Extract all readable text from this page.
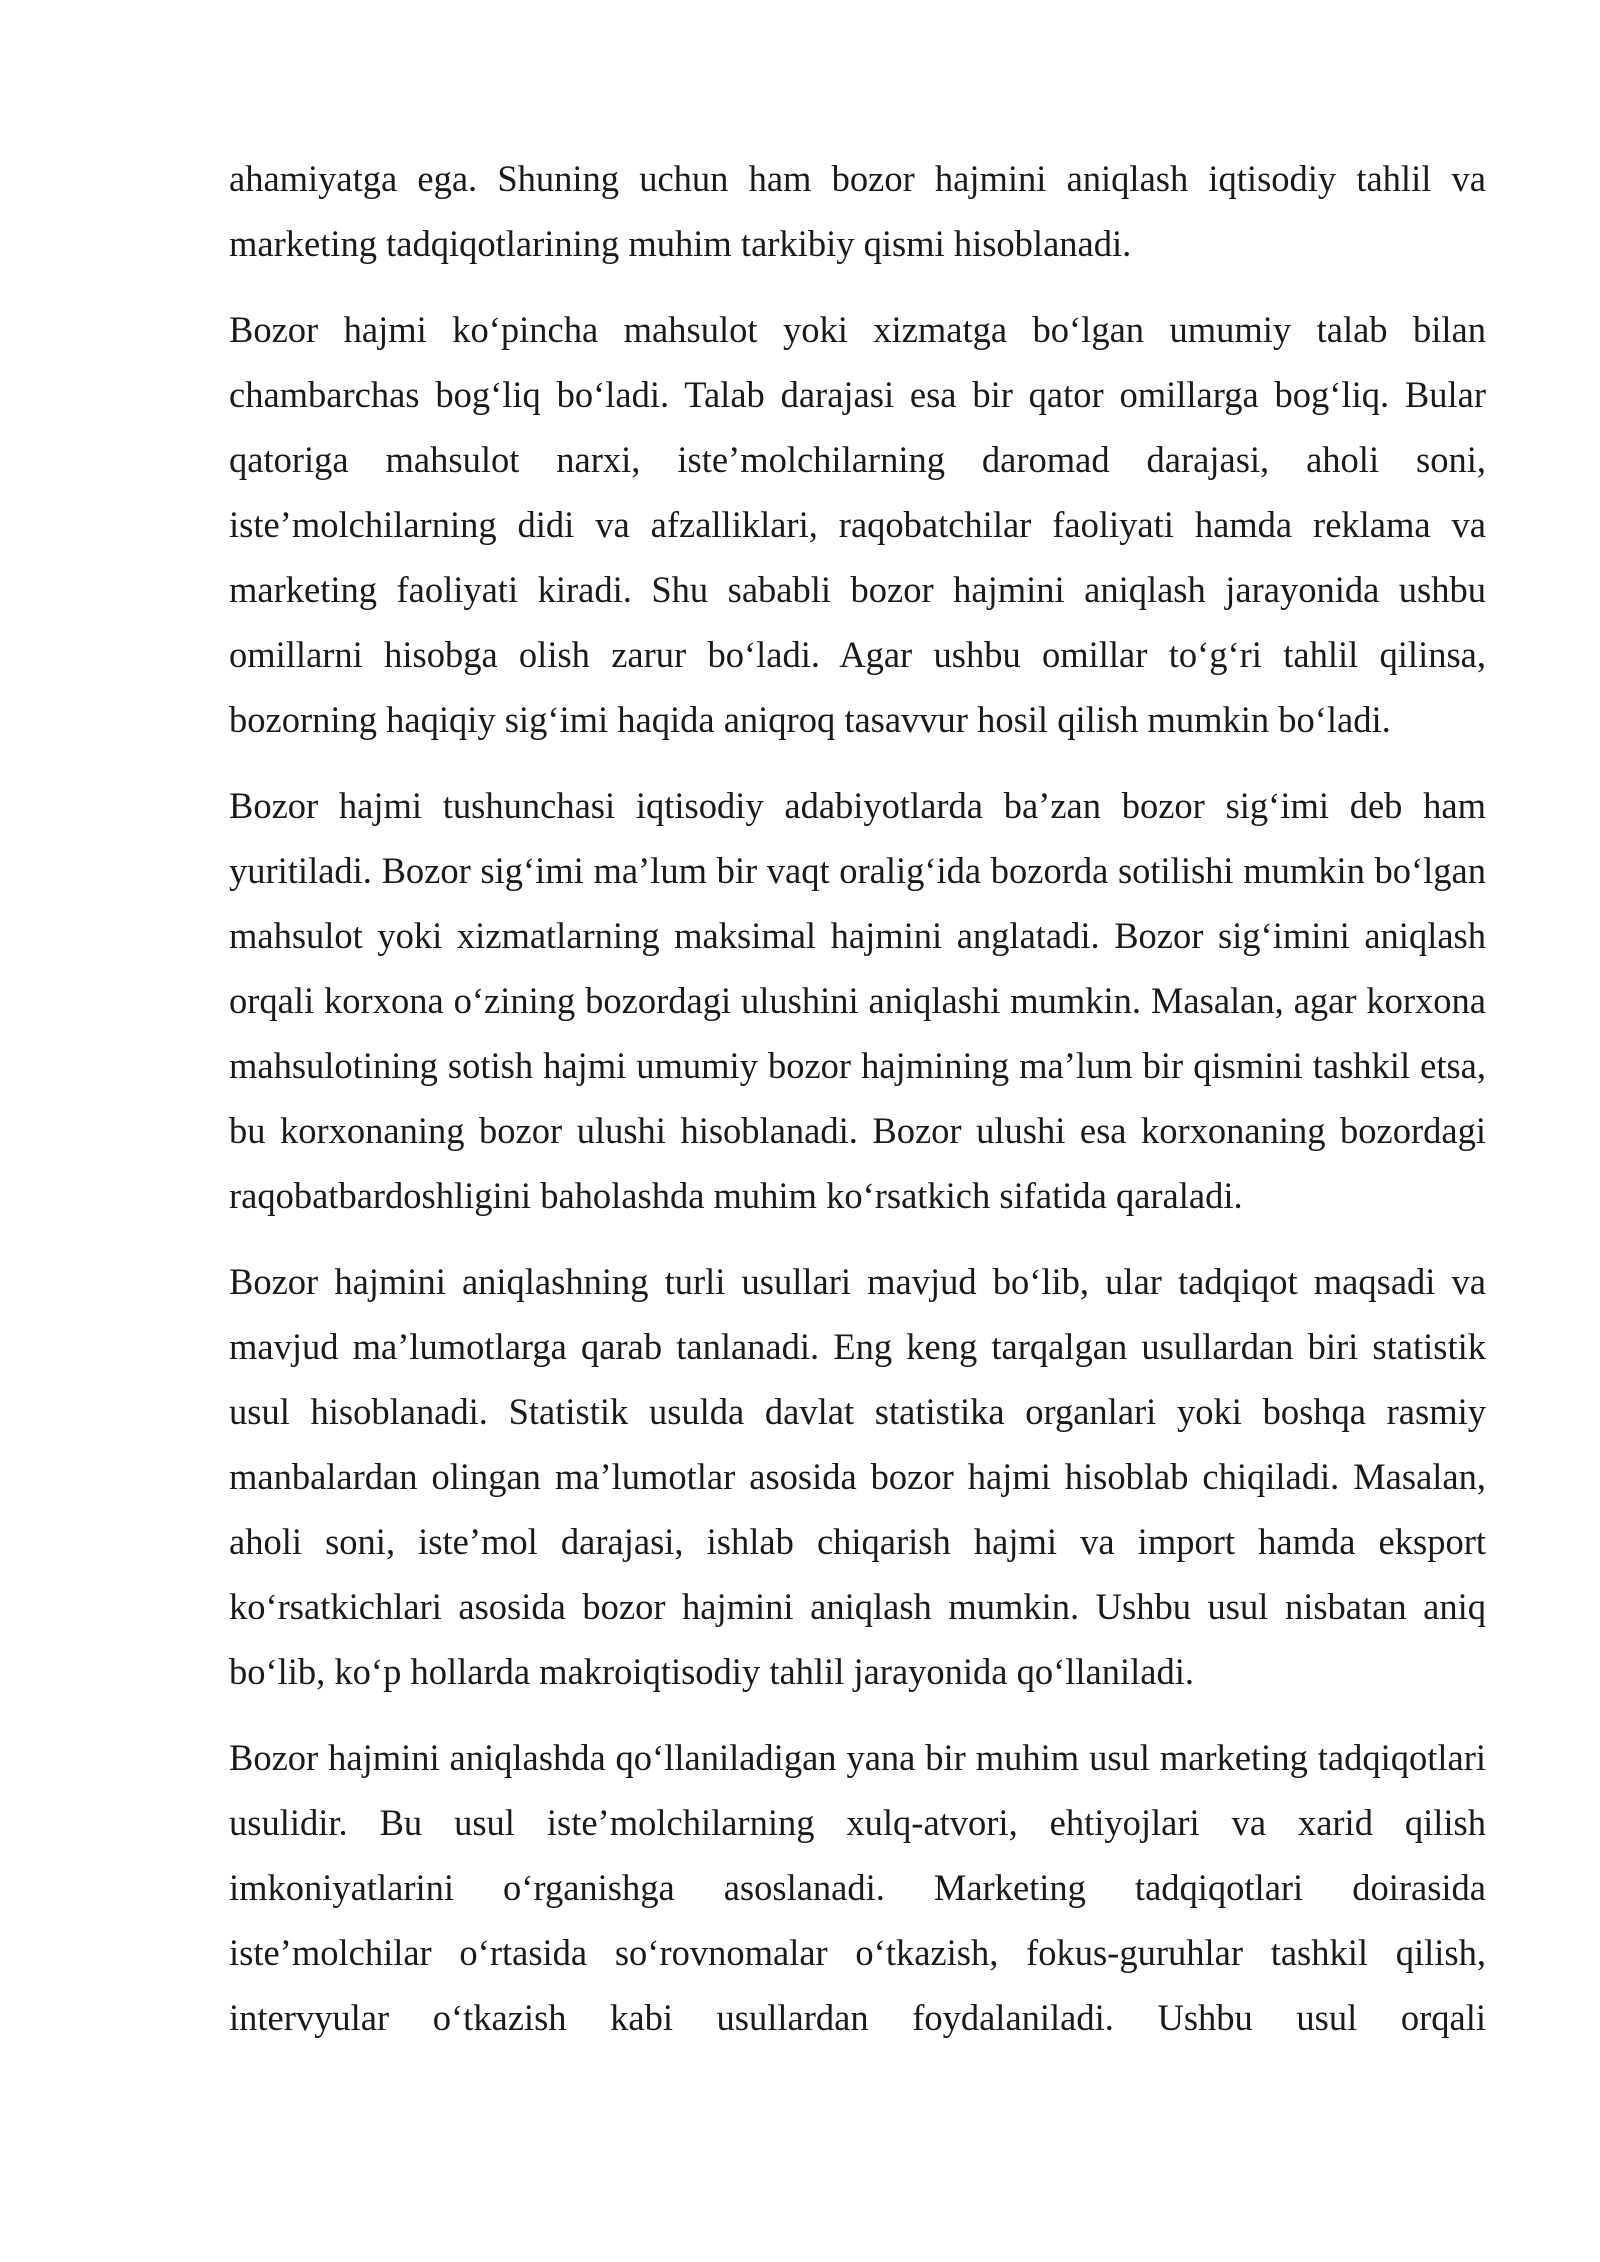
ahamiyatga ega. Shuning uchun ham bozor hajmini aniqlash iqtisodiy tahlil va marketing tadqiqotlarining muhim tarkibiy qismi hisoblanadi.

Bozor hajmi ko‘pincha mahsulot yoki xizmatga bo‘lgan umumiy talab bilan chambarchas bog‘liq bo‘ladi. Talab darajasi esa bir qator omillarga bog‘liq. Bular qatoriga mahsulot narxi, iste’molchilarning daromad darajasi, aholi soni, iste’molchilarning didi va afzalliklari, raqobatchilar faoliyati hamda reklama va marketing faoliyati kiradi. Shu sababli bozor hajmini aniqlash jarayonida ushbu omillarni hisobga olish zarur bo‘ladi. Agar ushbu omillar to‘g‘ri tahlil qilinsa, bozorning haqiqiy sig‘imi haqida aniqroq tasavvur hosil qilish mumkin bo‘ladi.

Bozor hajmi tushunchasi iqtisodiy adabiyotlarda ba’zan bozor sig‘imi deb ham yuritiladi. Bozor sig‘imi ma’lum bir vaqt oralig‘ida bozorda sotilishi mumkin bo‘lgan mahsulot yoki xizmatlarning maksimal hajmini anglatadi. Bozor sig‘imini aniqlash orqali korxona o‘zining bozordagi ulushini aniqlashi mumkin. Masalan, agar korxona mahsulotining sotish hajmi umumiy bozor hajmining ma’lum bir qismini tashkil etsa, bu korxonaning bozor ulushi hisoblanadi. Bozor ulushi esa korxonaning bozordagi raqobatbardoshligini baholashda muhim ko‘rsatkich sifatida qaraladi.

Bozor hajmini aniqlashning turli usullari mavjud bo‘lib, ular tadqiqot maqsadi va mavjud ma’lumotlarga qarab tanlanadi. Eng keng tarqalgan usullardan biri statistik usul hisoblanadi. Statistik usulda davlat statistika organlari yoki boshqa rasmiy manbalardan olingan ma’lumotlar asosida bozor hajmi hisoblab chiqiladi. Masalan, aholi soni, iste’mol darajasi, ishlab chiqarish hajmi va import hamda eksport ko‘rsatkichlari asosida bozor hajmini aniqlash mumkin. Ushbu usul nisbatan aniq bo‘lib, ko‘p hollarda makroiqtisodiy tahlil jarayonida qo‘llaniladi.

Bozor hajmini aniqlashda qo‘llaniladigan yana bir muhim usul marketing tadqiqotlari usulidir. Bu usul iste’molchilarning xulq-atvori, ehtiyojlari va xarid qilish imkoniyatlarini o‘rganishga asoslanadi. Marketing tadqiqotlari doirasida iste’molchilar o‘rtasida so‘rovnomalar o‘tkazish, fokus-guruhlar tashkil qilish, intervyular o‘tkazish kabi usullardan foydalaniladi. Ushbu usul orqali
